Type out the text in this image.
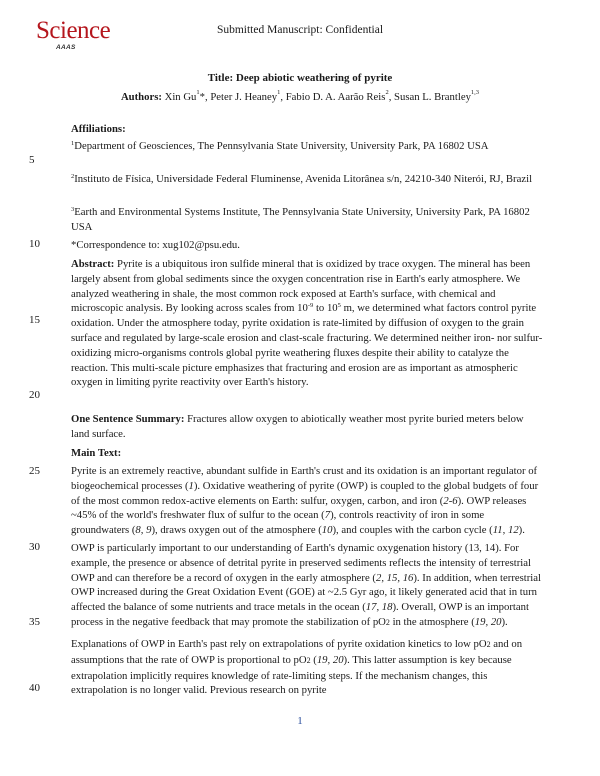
Science
AAAS
Submitted Manuscript: Confidential
Title: Deep abiotic weathering of pyrite
Authors: Xin Gu$^1$*, Peter J. Heaney$^1$, Fabio D. A. Aarão Reis$^2$, Susan L. Brantley$^{1,3}$
Affiliations:
$^1$Department of Geosciences, The Pennsylvania State University, University Park, PA 16802 USA
$^2$Instituto de Física, Universidade Federal Fluminense, Avenida Litorânea s/n, 24210-340 Niterói, RJ, Brazil
$^3$Earth and Environmental Systems Institute, The Pennsylvania State University, University Park, PA 16802 USA
*Correspondence to: xug102@psu.edu.
Abstract: Pyrite is a ubiquitous iron sulfide mineral that is oxidized by trace oxygen. The mineral has been largely absent from global sediments since the oxygen concentration rise in Earth's early atmosphere. We analyzed weathering in shale, the most common rock exposed at Earth's surface, with chemical and microscopic analysis. By looking across scales from $10^{-9}$ to $10^5$ m, we determined what factors control pyrite oxidation. Under the atmosphere today, pyrite oxidation is rate-limited by diffusion of oxygen to the grain surface and regulated by large-scale erosion and clast-scale fracturing. We determined neither iron- nor sulfur-oxidizing micro-organisms controls global pyrite weathering fluxes despite their ability to catalyze the reaction. This multi-scale picture emphasizes that fracturing and erosion are as important as atmospheric oxygen in limiting pyrite reactivity over Earth's history.
One Sentence Summary: Fractures allow oxygen to abiotically weather most pyrite buried meters below land surface.
Main Text:
Pyrite is an extremely reactive, abundant sulfide in Earth's crust and its oxidation is an important regulator of biogeochemical processes (1). Oxidative weathering of pyrite (OWP) is coupled to the global budgets of four of the most common redox-active elements on Earth: sulfur, oxygen, carbon, and iron (2-6). OWP releases ~45% of the world's freshwater flux of sulfur to the ocean (7), controls reactivity of iron in some groundwaters (8, 9), draws oxygen out of the atmosphere (10), and couples with the carbon cycle (11, 12).
OWP is particularly important to our understanding of Earth's dynamic oxygenation history (13, 14). For example, the presence or absence of detrital pyrite in preserved sediments reflects the intensity of terrestrial OWP and can therefore be a record of oxygen in the early atmosphere (2, 15, 16). In addition, when terrestrial OWP increased during the Great Oxidation Event (GOE) at ~2.5 Gyr ago, it likely generated acid that in turn affected the balance of some nutrients and trace metals in the ocean (17, 18). Overall, OWP is an important process in the negative feedback that may promote the stabilization of pO2 in the atmosphere (19, 20).
Explanations of OWP in Earth's past rely on extrapolations of pyrite oxidation kinetics to low pO2 and on assumptions that the rate of OWP is proportional to pO2 (19, 20). This latter assumption is key because extrapolation implicitly requires knowledge of rate-limiting steps. If the mechanism changes, this extrapolation is no longer valid. Previous research on pyrite
5
10
15
20
25
30
35
40
1
